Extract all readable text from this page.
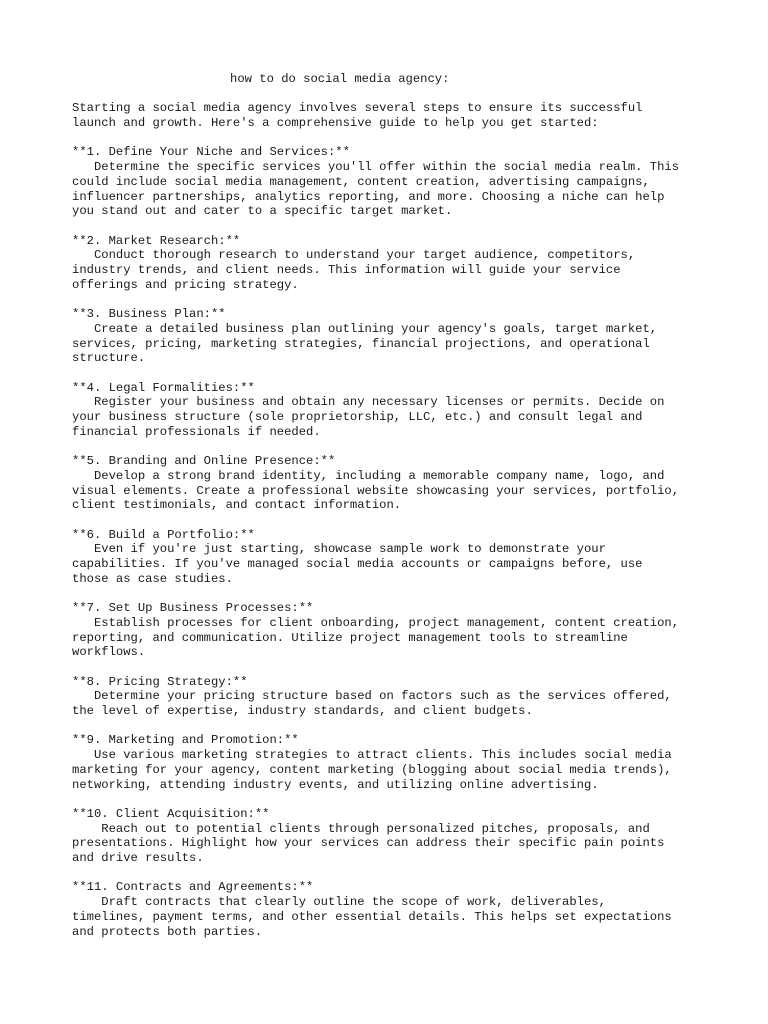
how to do social media agency:
Starting a social media agency involves several steps to ensure its successful
launch and growth. Here's a comprehensive guide to help you get started:
**1. Define Your Niche and Services:**
Determine the specific services you'll offer within the social media realm. This
could include social media management, content creation, advertising campaigns,
influencer partnerships, analytics reporting, and more. Choosing a niche can help
you stand out and cater to a specific target market.
**2. Market Research:**
Conduct thorough research to understand your target audience, competitors,
industry trends, and client needs. This information will guide your service
offerings and pricing strategy.
**3. Business Plan:**
Create a detailed business plan outlining your agency's goals, target market,
services, pricing, marketing strategies, financial projections, and operational
structure.
**4. Legal Formalities:**
Register your business and obtain any necessary licenses or permits. Decide on
your business structure (sole proprietorship, LLC, etc.) and consult legal and
financial professionals if needed.
**5. Branding and Online Presence:**
Develop a strong brand identity, including a memorable company name, logo, and
visual elements. Create a professional website showcasing your services, portfolio,
client testimonials, and contact information.
**6. Build a Portfolio:**
Even if you're just starting, showcase sample work to demonstrate your
capabilities. If you've managed social media accounts or campaigns before, use
those as case studies.
**7. Set Up Business Processes:**
Establish processes for client onboarding, project management, content creation,
reporting, and communication. Utilize project management tools to streamline
workflows.
**8. Pricing Strategy:**
Determine your pricing structure based on factors such as the services offered,
the level of expertise, industry standards, and client budgets.
**9. Marketing and Promotion:**
Use various marketing strategies to attract clients. This includes social media
marketing for your agency, content marketing (blogging about social media trends),
networking, attending industry events, and utilizing online advertising.
**10. Client Acquisition:**
Reach out to potential clients through personalized pitches, proposals, and
presentations. Highlight how your services can address their specific pain points
and drive results.
**11. Contracts and Agreements:**
Draft contracts that clearly outline the scope of work, deliverables,
timelines, payment terms, and other essential details. This helps set expectations
and protects both parties.
